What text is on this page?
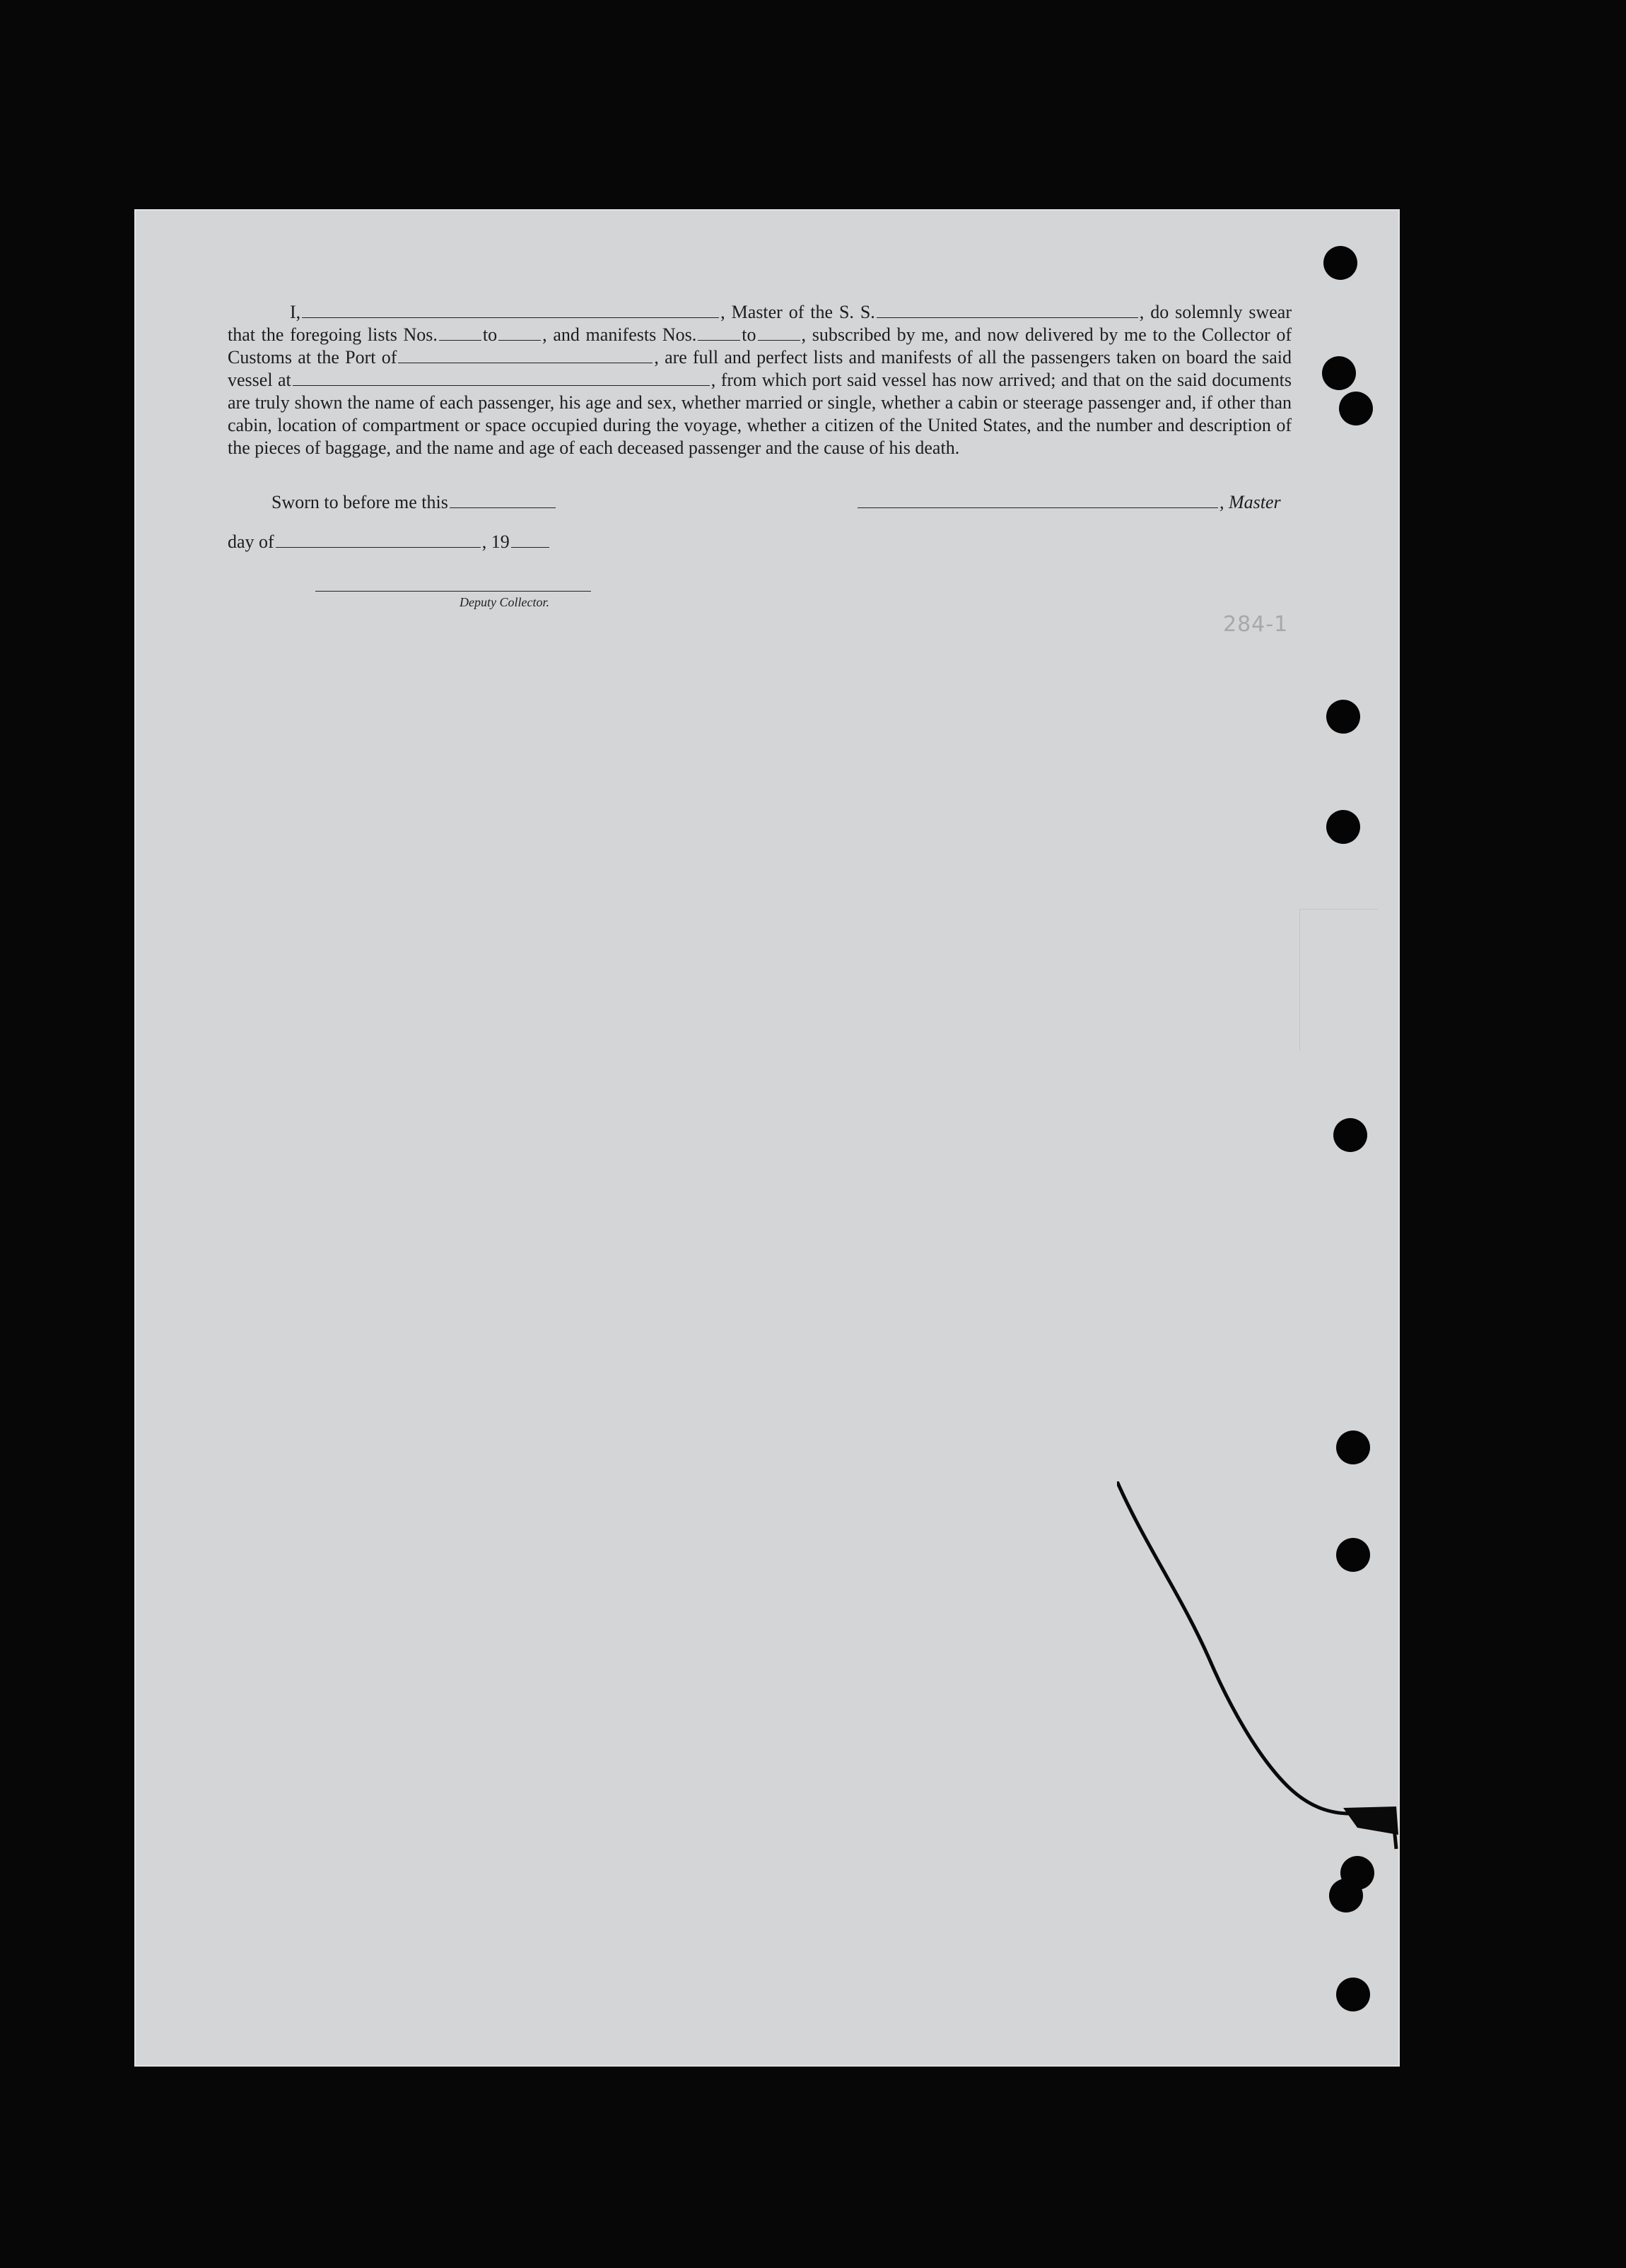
I,	, Master of the S. S.	, do solemnly swear that the foregoing lists Nos. to , and manifests Nos. to , subscribed by me, and now delivered by me to the Collector of Customs at the Port of	, are full and perfect lists and manifests of all the passengers taken on board the said vessel at	, from which port said vessel has now arrived; and that on the said documents are truly shown the name of each passenger, his age and sex, whether married or single, whether a cabin or steerage passenger and, if other than cabin, location of compartment or space occupied during the voyage, whether a citizen of the United States, and the number and description of the pieces of baggage, and the name and age of each deceased passenger and the cause of his death.

Sworn to before me this	, Master
day of	, 19
Deputy Collector.
284-1
